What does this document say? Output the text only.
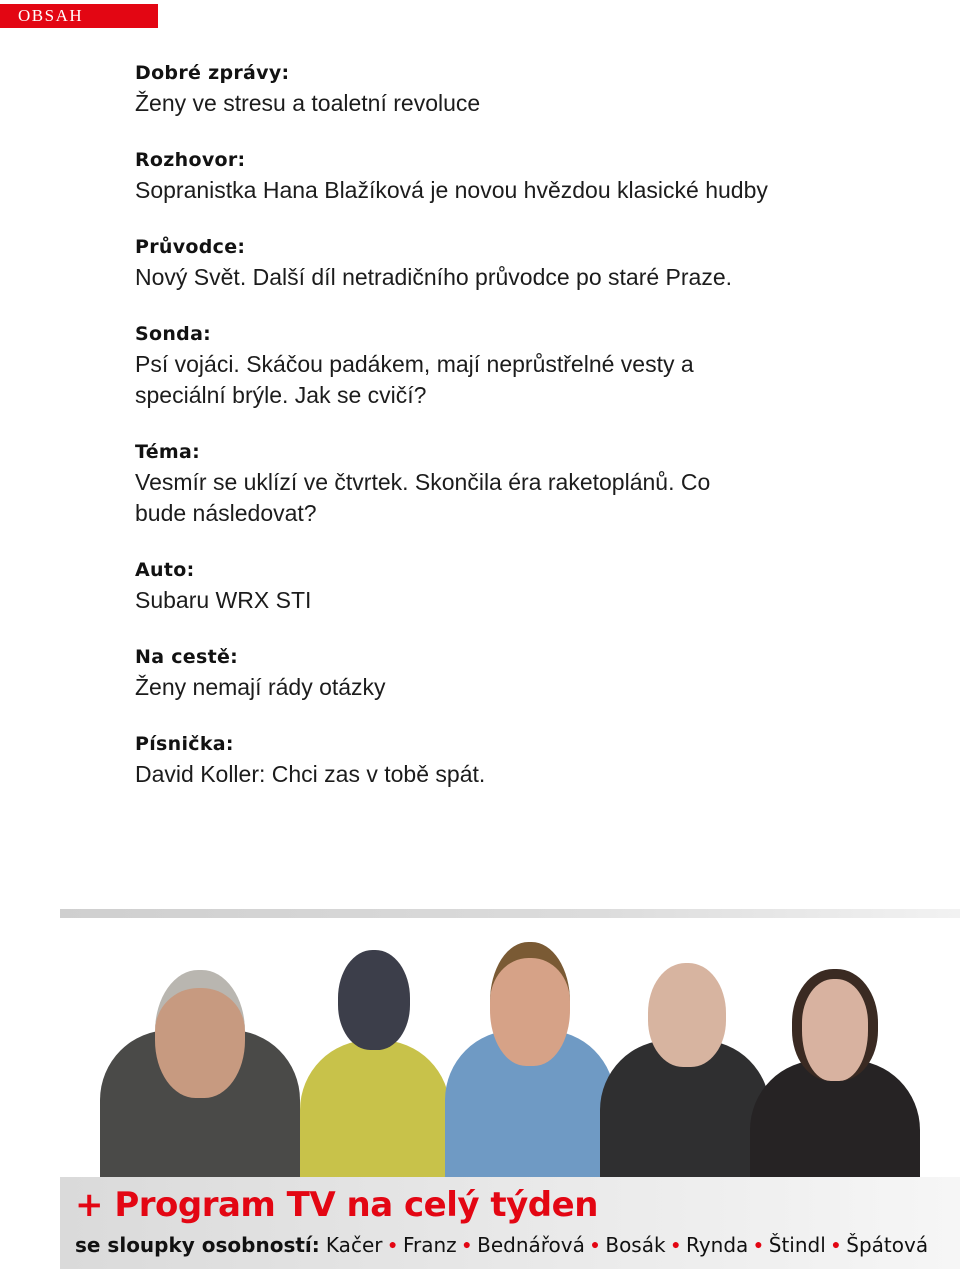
OBSAH
Dobré zprávy:

Ženy ve stresu a toaletní revoluce

Rozhovor:

Sopranistka Hana Blažíková je novou hvězdou klasické hudby

Průvodce:

Nový Svět. Další díl netradičního průvodce po staré Praze.

Sonda:

Psí vojáci. Skáčou padákem, mají neprůstřelné vesty a speciální brýle. Jak se cvičí?

Téma:

Vesmír se uklízí ve čtvrtek. Skončila éra raketoplánů. Co bude následovat?

Auto:

Subaru WRX STI

Na cestě:

Ženy nemají rády otázky

Písnička:

David Koller: Chci zas v tobě spát.

+ Program TV na celý týden
se sloupky osobností: Kačer ● Franz ● Bednářová ● Bosák ● Rynda ● Štindl ● Špátová
